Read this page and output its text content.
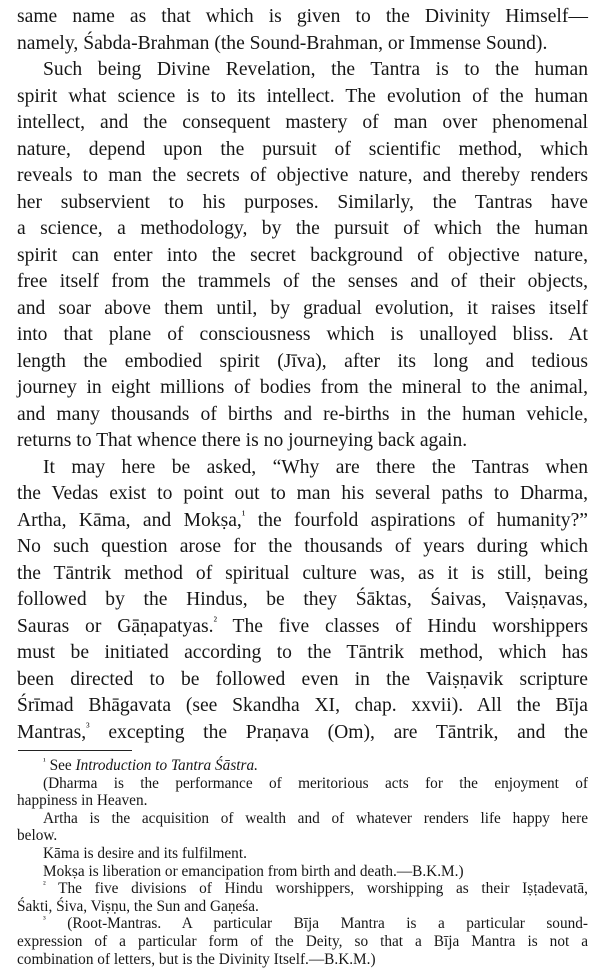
same name as that which is given to the Divinity Himself—
namely, Śabda-Brahman (the Sound-Brahman, or Immense Sound).

Such being Divine Revelation, the Tantra is to the human
spirit what science is to its intellect. The evolution of the human
intellect, and the consequent mastery of man over phenomenal
nature, depend upon the pursuit of scientific method, which
reveals to man the secrets of objective nature, and thereby renders
her subservient to his purposes. Similarly, the Tantras have
a science, a methodology, by the pursuit of which the human
spirit can enter into the secret background of objective nature,
free itself from the trammels of the senses and of their objects,
and soar above them until, by gradual evolution, it raises itself
into that plane of consciousness which is unalloyed bliss. At
length the embodied spirit (Jīva), after its long and tedious
journey in eight millions of bodies from the mineral to the animal,
and many thousands of births and re-births in the human vehicle,
returns to That whence there is no journeying back again.

It may here be asked, “Why are there the Tantras when
the Vedas exist to point out to man his several paths to Dharma,
Artha, Kāma, and Mokṣa,$^{^1}$ the fourfold aspirations of humanity?”
No such question arose for the thousands of years during which
the Tāntrik method of spiritual culture was, as it is still, being
followed by the Hindus, be they Śāktas, Śaivas, Vaiṣṇavas,
Sauras or Gāṇapatyas.$^{^2}$ The five classes of Hindu worshippers
must be initiated according to the Tāntrik method, which has
been directed to be followed even in the Vaiṣṇavik scripture
Śrīmad Bhāgavata (see Skandha XI, chap. xxvii). All the Bīja
Mantras,$^{^3}$ excepting the Praṇava (Om), are Tāntrik, and the

$^{^1}$ See Introduction to Tantra Śāstra.
(Dharma is the performance of meritorious acts for the enjoyment of
happiness in Heaven.
Artha is the acquisition of wealth and of whatever renders life happy here
below.
Kāma is desire and its fulfilment.
Mokṣa is liberation or emancipation from birth and death.—B.K.M.)
$^{^2}$ The five divisions of Hindu worshippers, worshipping as their Iṣṭadevatā,
Śakti, Śiva, Viṣṇu, the Sun and Gaṇeśa.
$^{^3}$ (Root-Mantras. A particular Bīja Mantra is a particular sound-
expression of a particular form of the Deity, so that a Bīja Mantra is not a
combination of letters, but is the Divinity Itself.—B.K.M.)
